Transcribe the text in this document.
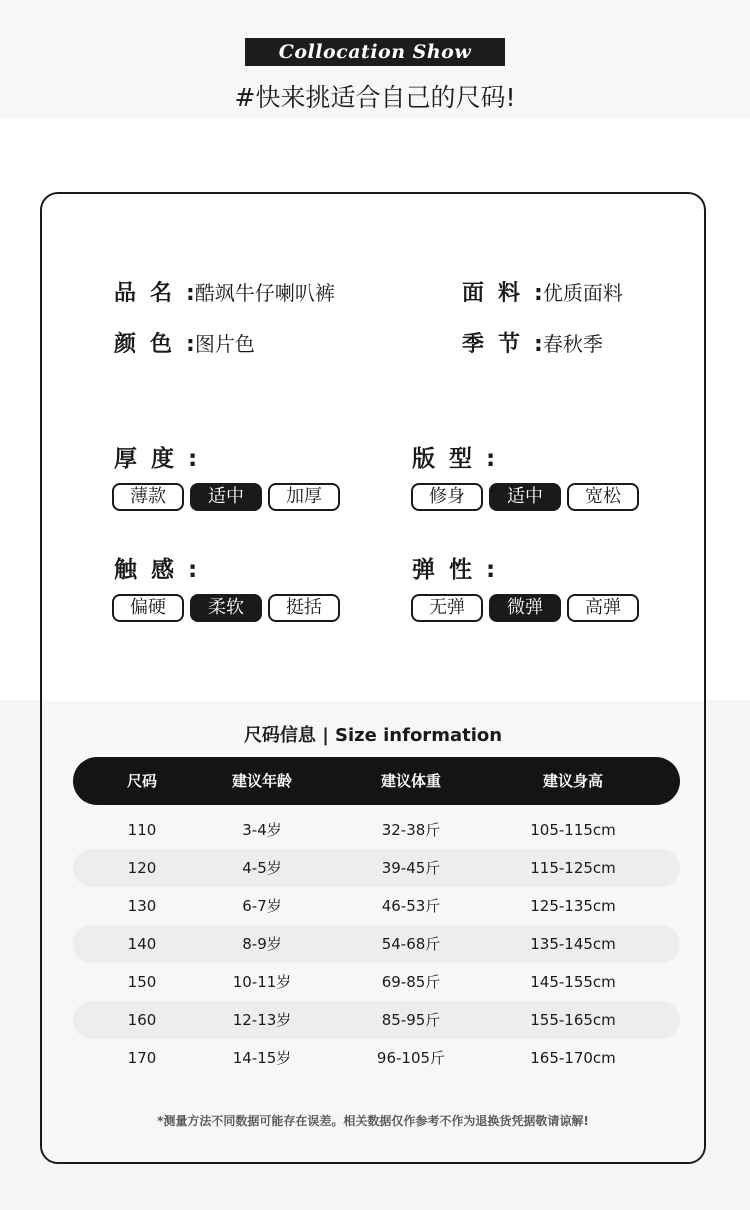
Collocation Show
#快来挑适合自己的尺码!
品名:酷飒牛仔喇叭裤	面料:优质面料
颜色:图片色	季节:春秋季
厚度:
薄款	适中	加厚
版型:
修身	适中	宽松
触感:
偏硬	柔软	挺括
弹性:
无弹	微弹	高弹
尺码信息 | Size information
尺码	建议年龄	建议体重	建议身高
110	3-4岁	32-38斤	105-115cm
120	4-5岁	39-45斤	115-125cm
130	6-7岁	46-53斤	125-135cm
140	8-9岁	54-68斤	135-145cm
150	10-11岁	69-85斤	145-155cm
160	12-13岁	85-95斤	155-165cm
170	14-15岁	96-105斤	165-170cm
*测量方法不同数据可能存在误差。相关数据仅作参考不作为退换货凭据敬请谅解!
